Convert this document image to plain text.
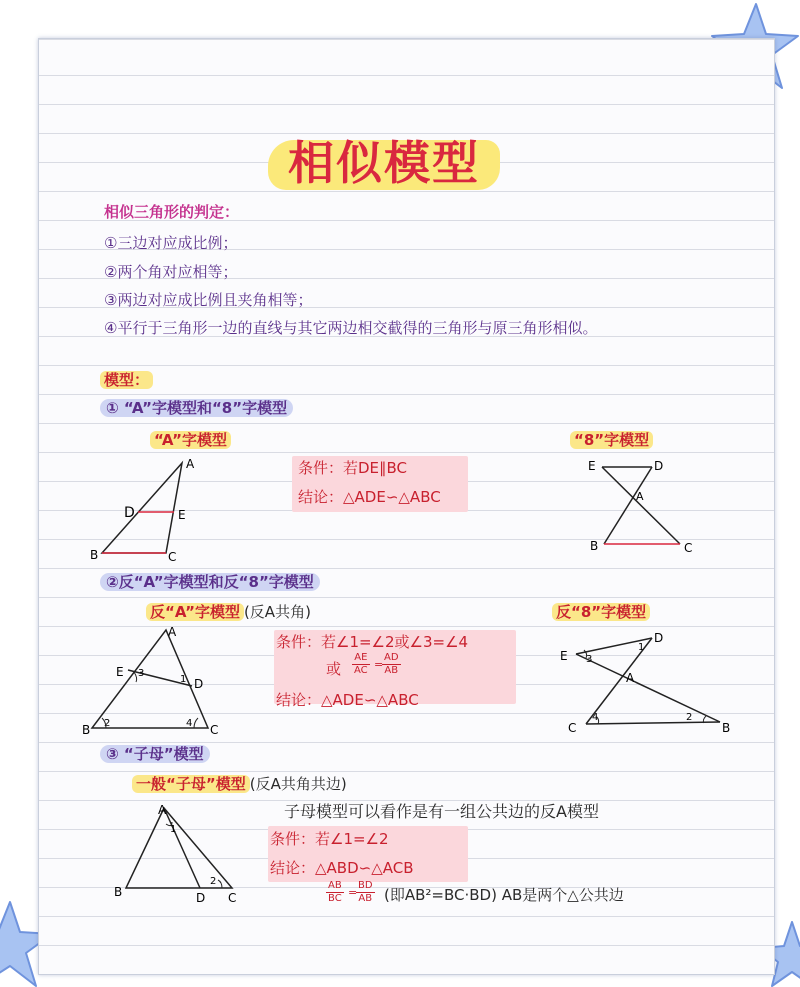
相似模型
相似三角形的判定：
①三边对应成比例；
②两个角对应相等；
③两边对应成比例且夹角相等；
④平行于三角形一边的直线与其它两边相交截得的三角形与原三角形相似。
模型：
① “A”字模型和“8”字模型
“A”字模型	“8”字模型
条件：若DE∥BC
结论：△ADE∽△ABC
A
D	E
B	C
E	D
A
B	C
②反“A”字模型和反“8”字模型
反“A”字模型 (反A共角)	反“8”字模型
条件：若∠1=∠2或∠3=∠4
或 $\frac{AE}{AC}$ =
$\frac{AD}{AB}$
结论：△ADE∽△ABC
A
E
D
B	C
3
1
2	4
D
E
A
C	B
3
1
4	2
③ “子母”模型
一般“子母”模型 (反A共角共边)
子母模型可以看作是有一组公共边的反A模型
条件：若∠1=∠2
结论：△ABD∽△ACB
$\frac{AB}{BC}$ =
$\frac{BD}{AB}$ (即AB²=BC·BD) AB是两个△公共边
A
B	D C
1
2
